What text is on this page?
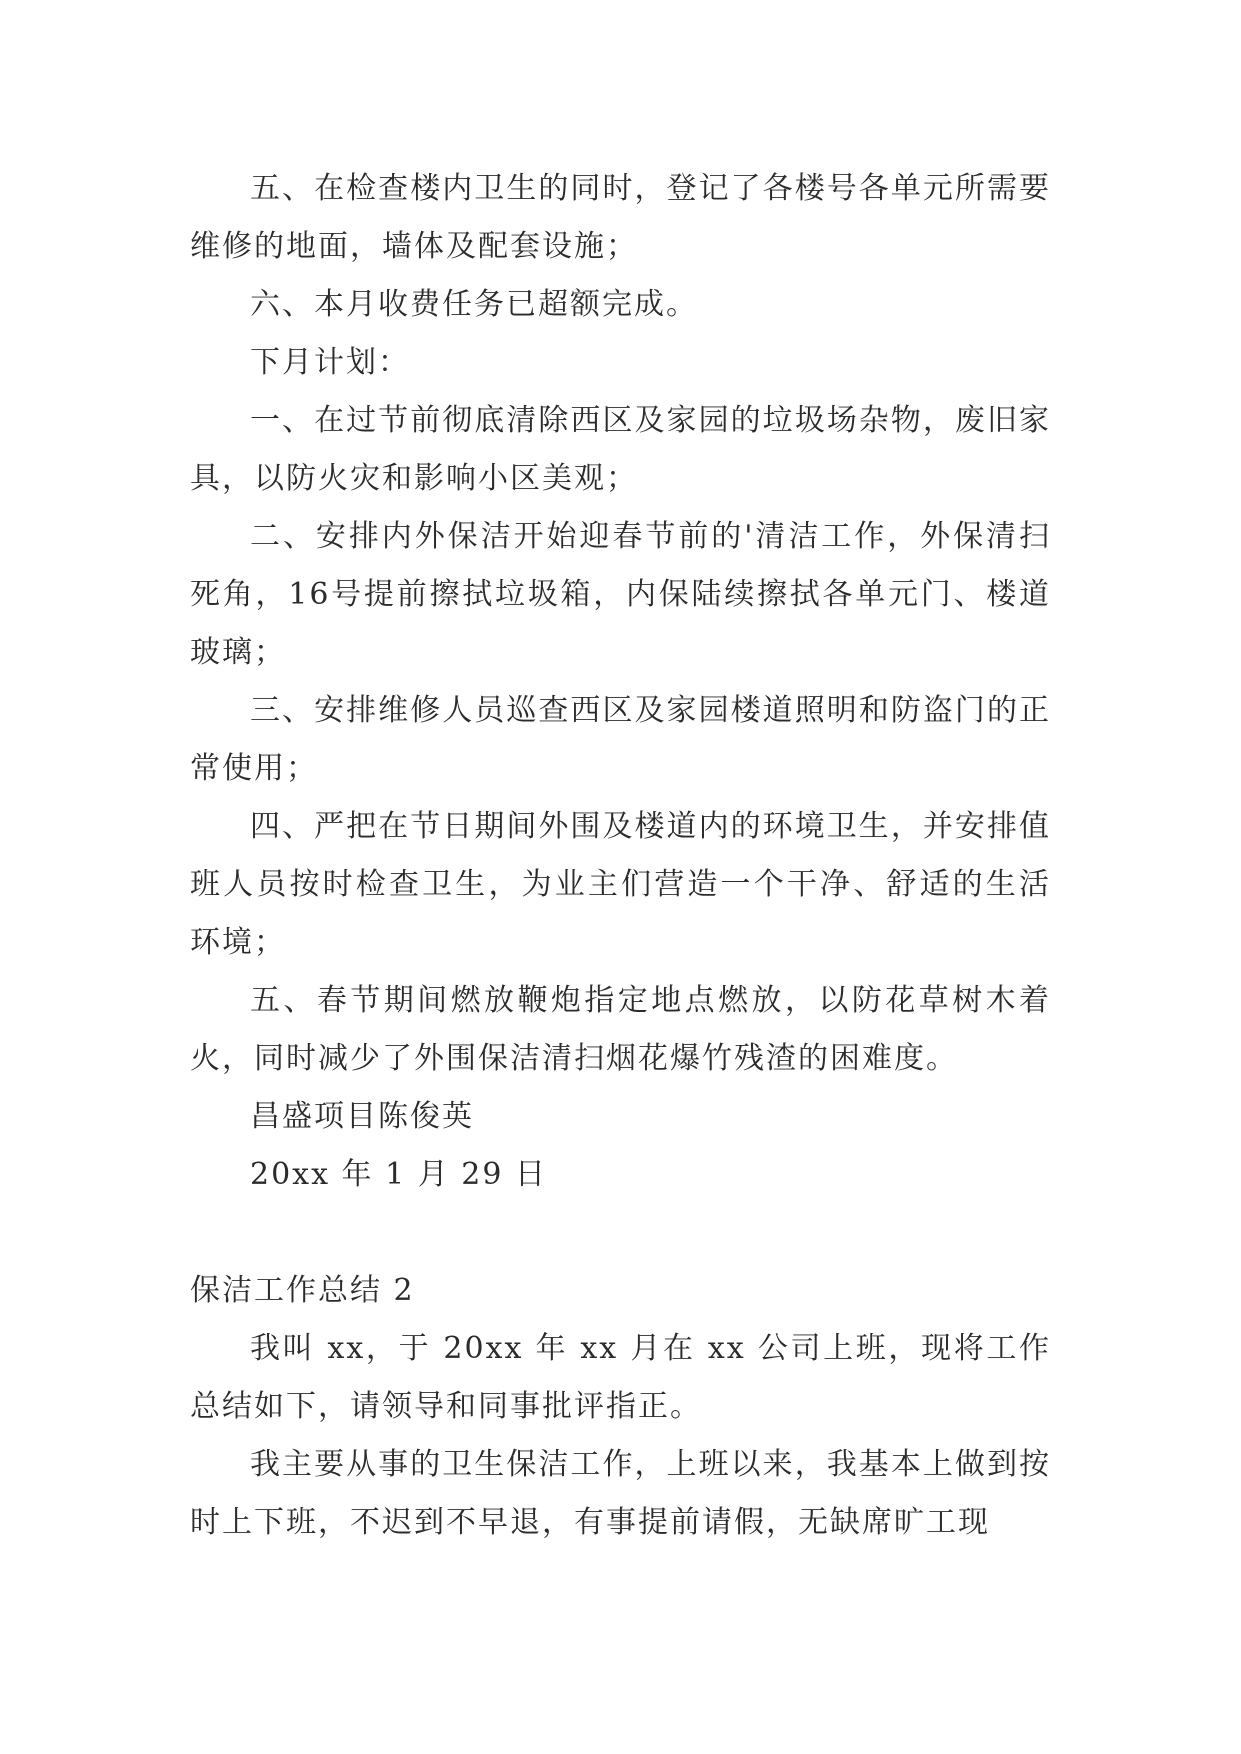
五、在检查楼内卫生的同时，登记了各楼号各单元所需要维修的地面，墙体及配套设施；

六、本月收费任务已超额完成。

下月计划：

一、在过节前彻底清除西区及家园的垃圾场杂物，废旧家具，以防火灾和影响小区美观；

二、安排内外保洁开始迎春节前的'清洁工作，外保清扫死角，16号提前擦拭垃圾箱，内保陆续擦拭各单元门、楼道玻璃；

三、安排维修人员巡查西区及家园楼道照明和防盗门的正常使用；

四、严把在节日期间外围及楼道内的环境卫生，并安排值班人员按时检查卫生，为业主们营造一个干净、舒适的生活环境；

五、春节期间燃放鞭炮指定地点燃放，以防花草树木着火，同时减少了外围保洁清扫烟花爆竹残渣的困难度。

昌盛项目陈俊英

20xx 年 1 月 29 日

保洁工作总结 2

我叫 xx，于 20xx 年 xx 月在 xx 公司上班，现将工作总结如下，请领导和同事批评指正。

我主要从事的卫生保洁工作，上班以来，我基本上做到按时上下班，不迟到不早退，有事提前请假，无缺席旷工现
